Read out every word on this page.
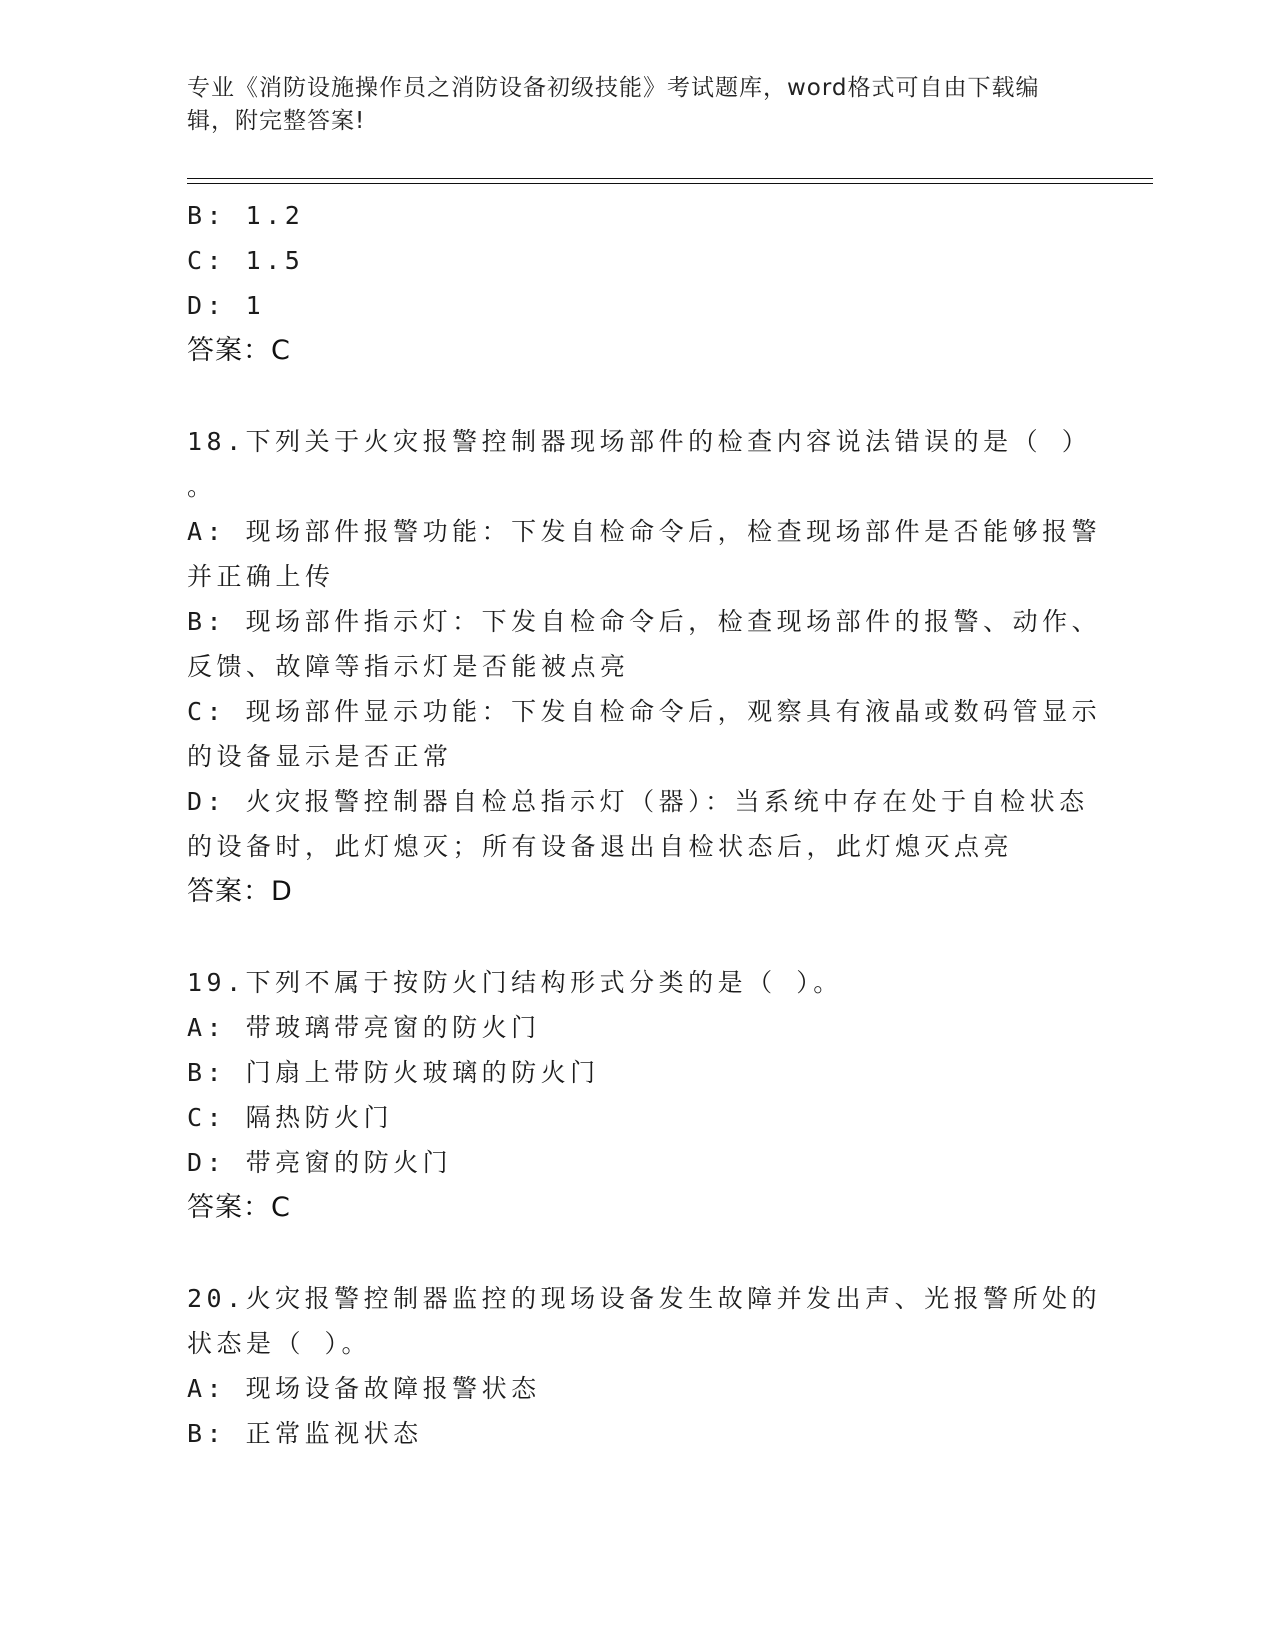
专业《消防设施操作员之消防设备初级技能》考试题库，word格式可自由下载编
辑，附完整答案!
B: 1.2
C: 1.5
D: 1
答案：C
18.下列关于火灾报警控制器现场部件的检查内容说法错误的是（ ）
。
A: 现场部件报警功能：下发自检命令后，检查现场部件是否能够报警
并正确上传
B: 现场部件指示灯：下发自检命令后，检查现场部件的报警、动作、
反馈、故障等指示灯是否能被点亮
C: 现场部件显示功能：下发自检命令后，观察具有液晶或数码管显示
的设备显示是否正常
D: 火灾报警控制器自检总指示灯（器）：当系统中存在处于自检状态
的设备时，此灯熄灭；所有设备退出自检状态后，此灯熄灭点亮
答案：D
19.下列不属于按防火门结构形式分类的是（ ）。
A: 带玻璃带亮窗的防火门
B: 门扇上带防火玻璃的防火门
C: 隔热防火门
D: 带亮窗的防火门
答案：C
20.火灾报警控制器监控的现场设备发生故障并发出声、光报警所处的
状态是（ ）。
A: 现场设备故障报警状态
B: 正常监视状态
